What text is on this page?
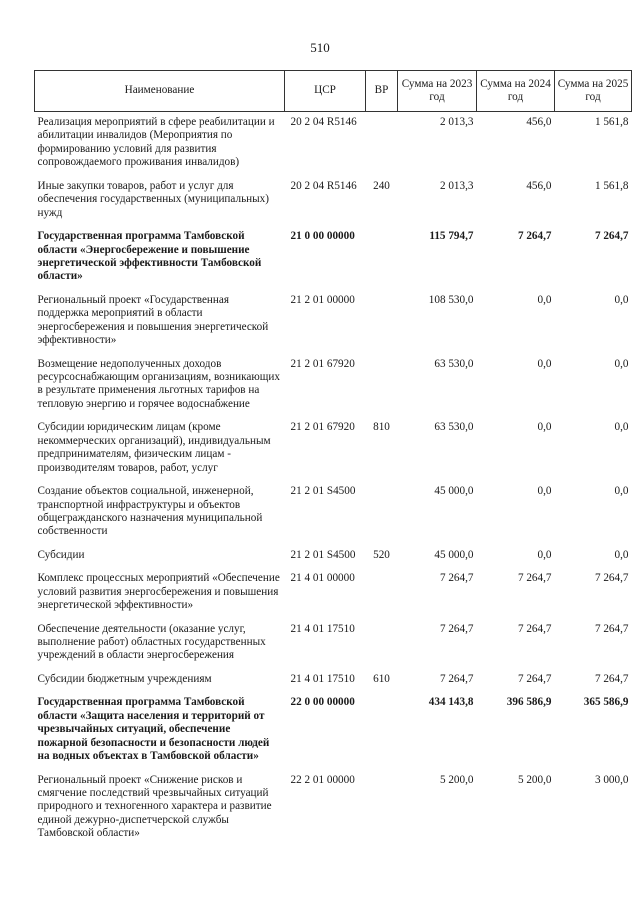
510
Наименование	ЦСР	ВР	Сумма на 2023 год	Сумма на 2024 год	Сумма на 2025 год
Реализация мероприятий в сфере реабилитации и абилитации инвалидов (Мероприятия по формированию условий для развития сопровождаемого проживания инвалидов)	20 2 04 R5146		2 013,3	456,0	1 561,8
Иные закупки товаров, работ и услуг для обеспечения государственных (муниципальных) нужд	20 2 04 R5146	240	2 013,3	456,0	1 561,8
Государственная программа Тамбовской области «Энергосбережение и повышение энергетической эффективности Тамбовской области»	21 0 00 00000		115 794,7	7 264,7	7 264,7
Региональный проект «Государственная поддержка мероприятий в области энергосбережения и повышения энергетической эффективности»	21 2 01 00000		108 530,0	0,0	0,0
Возмещение недополученных доходов ресурсоснабжающим организациям, возникающих в результате применения льготных тарифов на тепловую энергию и горячее водоснабжение	21 2 01 67920		63 530,0	0,0	0,0
Субсидии юридическим лицам (кроме некоммерческих организаций), индивидуальным предпринимателям, физическим лицам - производителям товаров, работ, услуг	21 2 01 67920	810	63 530,0	0,0	0,0
Создание объектов социальной, инженерной, транспортной инфраструктуры и объектов общегражданского назначения муниципальной собственности	21 2 01 S4500		45 000,0	0,0	0,0
Субсидии	21 2 01 S4500	520	45 000,0	0,0	0,0
Комплекс процессных мероприятий «Обеспечение условий развития энергосбережения и повышения энергетической эффективности»	21 4 01 00000		7 264,7	7 264,7	7 264,7
Обеспечение деятельности (оказание услуг, выполнение работ) областных государственных учреждений в области энергосбережения	21 4 01 17510		7 264,7	7 264,7	7 264,7
Субсидии бюджетным учреждениям	21 4 01 17510	610	7 264,7	7 264,7	7 264,7
Государственная программа Тамбовской области «Защита населения и территорий от чрезвычайных ситуаций, обеспечение пожарной безопасности и безопасности людей на водных объектах в Тамбовской области»	22 0 00 00000		434 143,8	396 586,9	365 586,9
Региональный проект «Снижение рисков и смягчение последствий чрезвычайных ситуаций природного и техногенного характера и развитие единой дежурно-диспетчерской службы Тамбовской области»	22 2 01 00000		5 200,0	5 200,0	3 000,0
